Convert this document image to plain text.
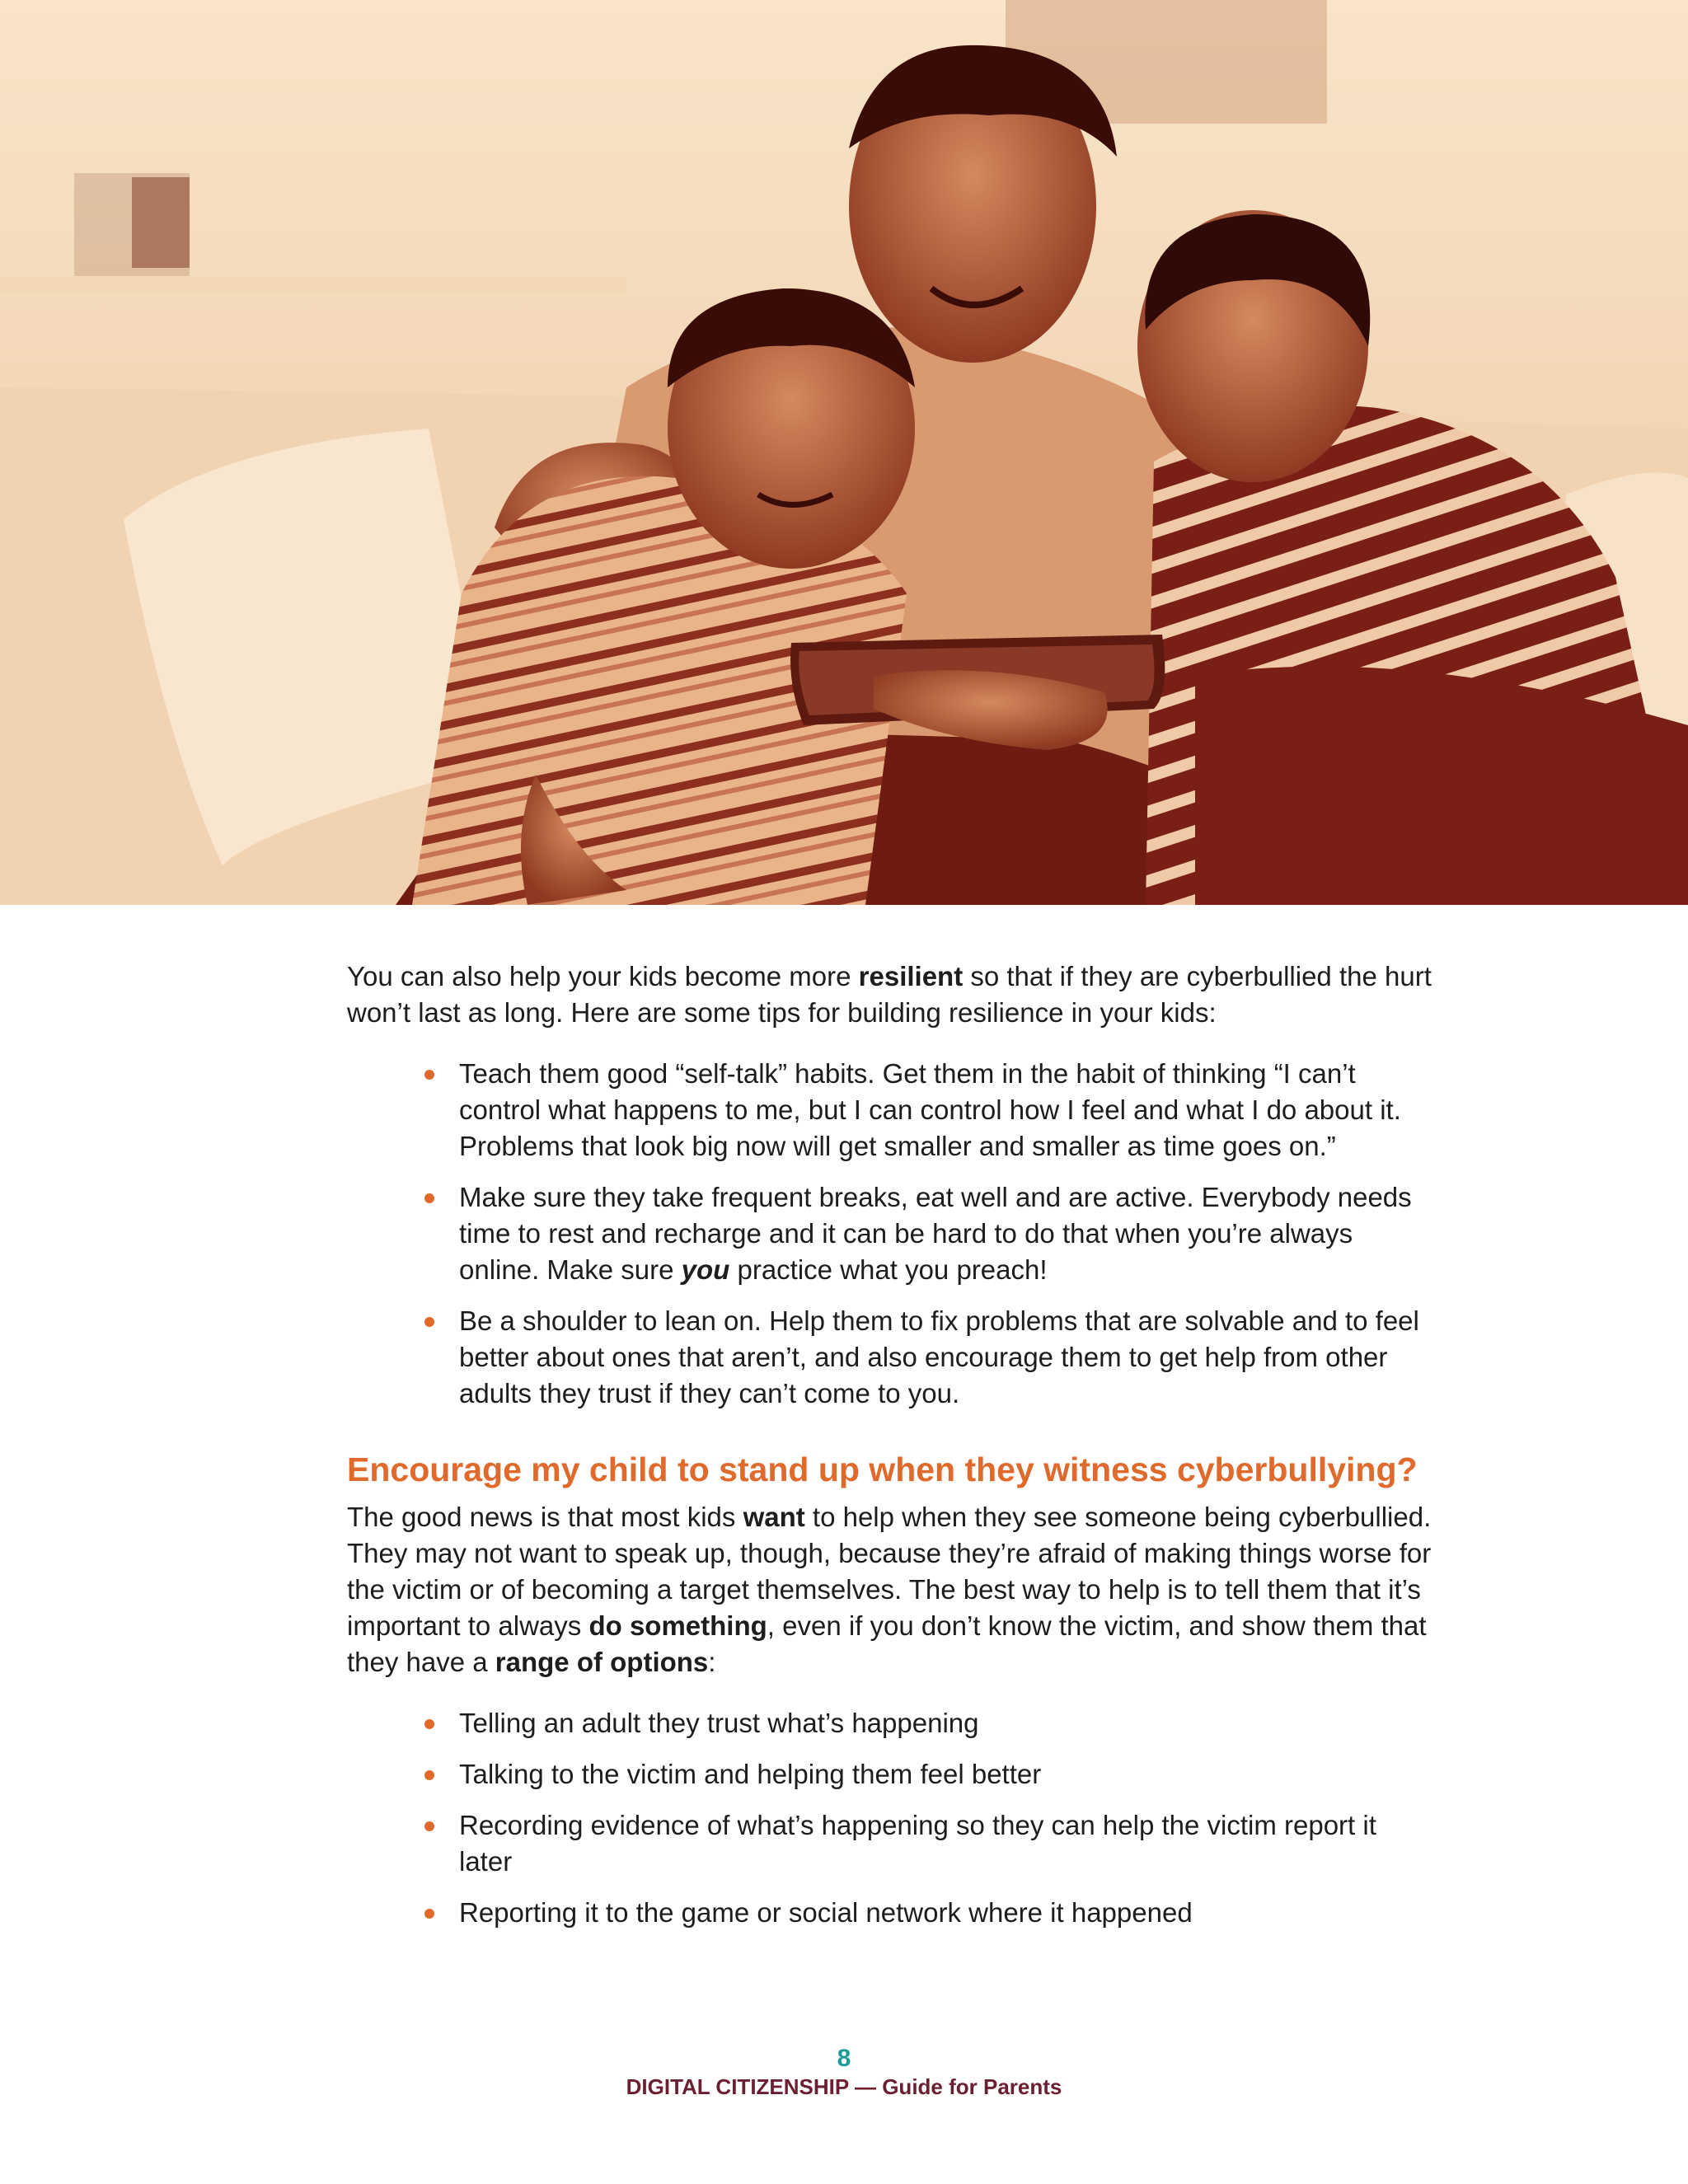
You can also help your kids become more resilient so that if they are cyberbullied the hurt won’t last as long. Here are some tips for building resilience in your kids:

Teach them good “self-talk” habits. Get them in the habit of thinking “I can’t control what happens to me, but I can control how I feel and what I do about it. Problems that look big now will get smaller and smaller as time goes on.”
Make sure they take frequent breaks, eat well and are active. Everybody needs time to rest and recharge and it can be hard to do that when you’re always online. Make sure you practice what you preach!
Be a shoulder to lean on. Help them to fix problems that are solvable and to feel better about ones that aren’t, and also encourage them to get help from other adults they trust if they can’t come to you.
Encourage my child to stand up when they witness cyberbullying?

The good news is that most kids want to help when they see someone being cyberbullied. They may not want to speak up, though, because they’re afraid of making things worse for the victim or of becoming a target themselves. The best way to help is to tell them that it’s important to always do something, even if you don’t know the victim, and show them that they have a range of options:

Telling an adult they trust what’s happening
Talking to the victim and helping them feel better
Recording evidence of what’s happening so they can help the victim report it later
Reporting it to the game or social network where it happened
8
DIGITAL CITIZENSHIP — Guide for Parents
